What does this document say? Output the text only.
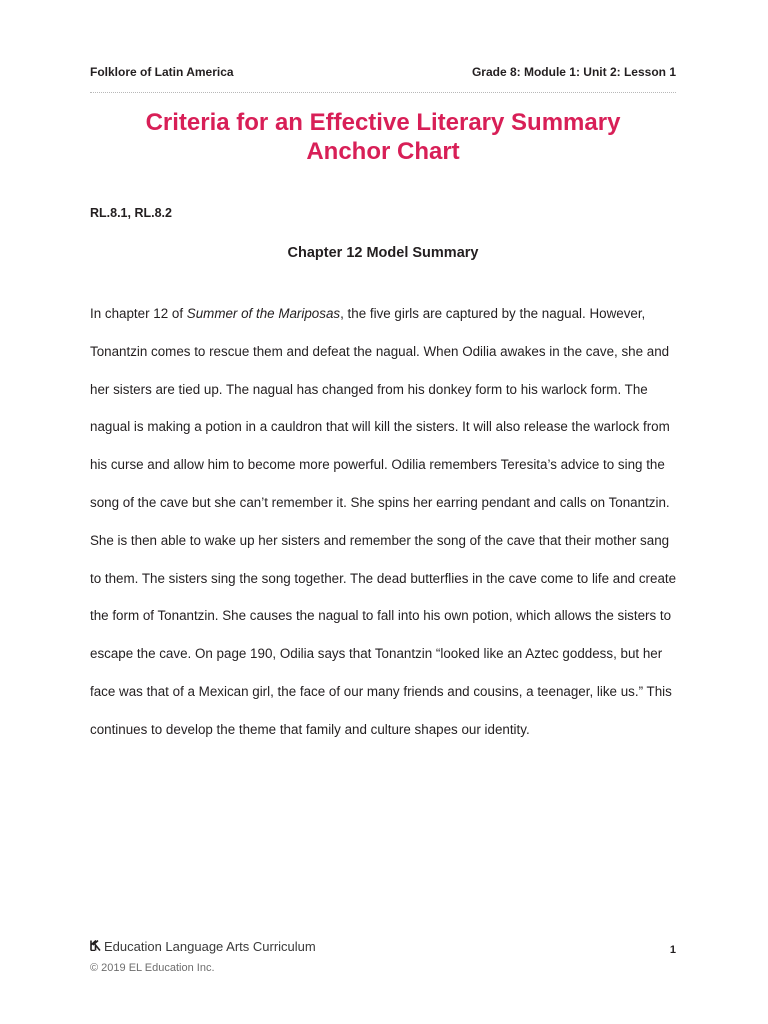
Folklore of Latin America	Grade 8: Module 1: Unit 2: Lesson 1
Criteria for an Effective Literary Summary
Anchor Chart
RL.8.1, RL.8.2
Chapter 12 Model Summary

In chapter 12 of Summer of the Mariposas, the five girls are captured by the nagual. However, Tonantzin comes to rescue them and defeat the nagual. When Odilia awakes in the cave, she and her sisters are tied up. The nagual has changed from his donkey form to his warlock form. The nagual is making a potion in a cauldron that will kill the sisters. It will also release the warlock from his curse and allow him to become more powerful. Odilia remembers Teresita’s advice to sing the song of the cave but she can’t remember it. She spins her earring pendant and calls on Tonantzin. She is then able to wake up her sisters and remember the song of the cave that their mother sang to them. The sisters sing the song together. The dead butterflies in the cave come to life and create the form of Tonantzin. She causes the nagual to fall into his own potion, which allows the sisters to escape the cave. On page 190, Odilia says that Tonantzin “looked like an Aztec goddess, but her face was that of a Mexican girl, the face of our many friends and cousins, a teenager, like us.” This continues to develop the theme that family and culture shapes our identity.

Education Language Arts Curriculum
© 2019 EL Education Inc.
1
